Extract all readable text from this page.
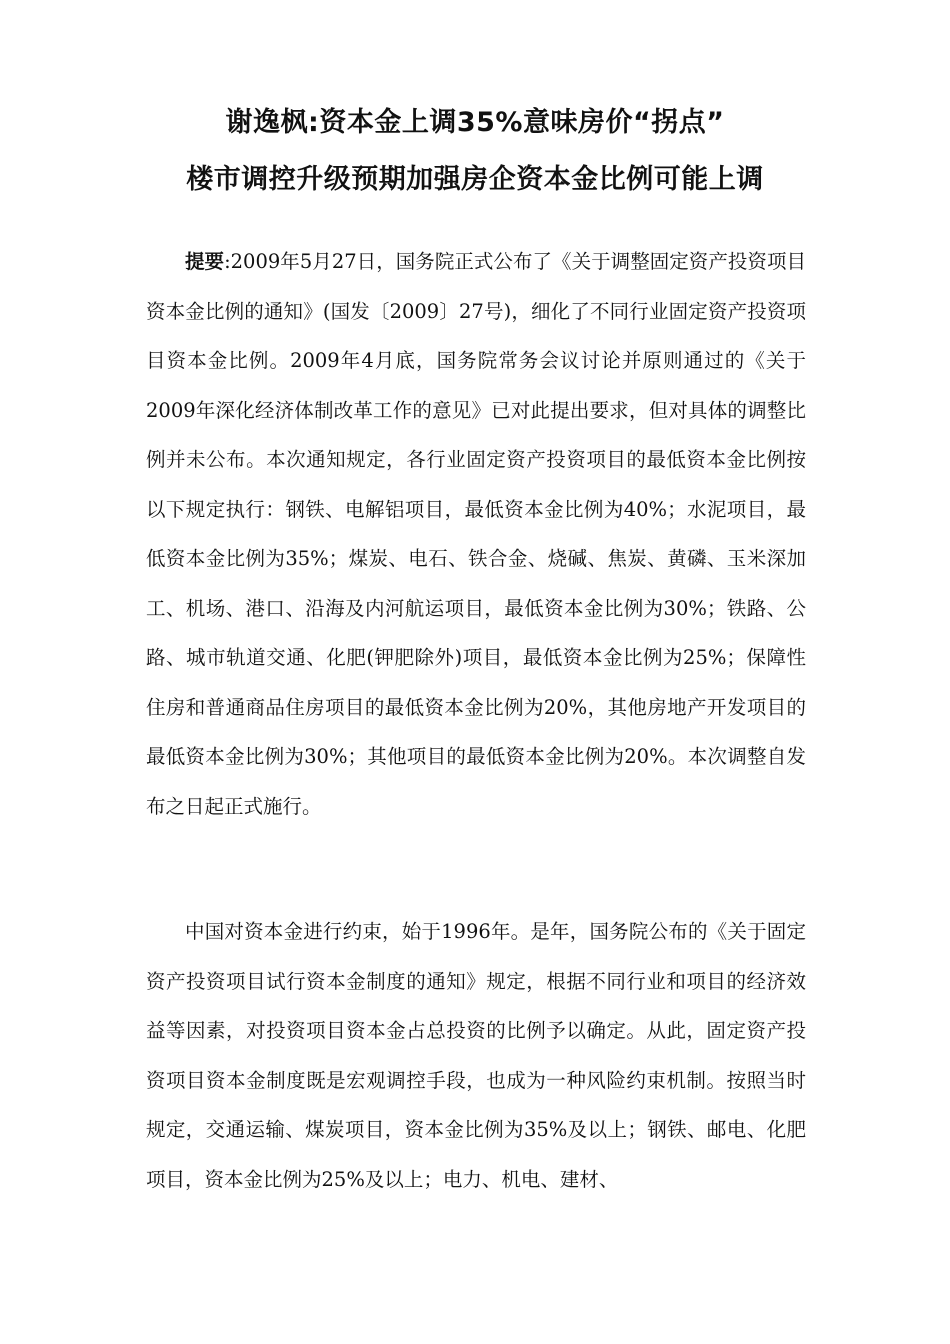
谢逸枫:资本金上调35%意味房价“拐点”
楼市调控升级预期加强房企资本金比例可能上调

提要:2009年5月27日，国务院正式公布了《关于调整固定资产投资项目资本金比例的通知》(国发〔2009〕27号)，细化了不同行业固定资产投资项目资本金比例。2009年4月底，国务院常务会议讨论并原则通过的《关于2009年深化经济体制改革工作的意见》已对此提出要求，但对具体的调整比例并未公布。本次通知规定，各行业固定资产投资项目的最低资本金比例按以下规定执行：钢铁、电解铝项目，最低资本金比例为40%；水泥项目，最低资本金比例为35%；煤炭、电石、铁合金、烧碱、焦炭、黄磷、玉米深加工、机场、港口、沿海及内河航运项目，最低资本金比例为30%；铁路、公路、城市轨道交通、化肥(钾肥除外)项目，最低资本金比例为25%；保障性住房和普通商品住房项目的最低资本金比例为20%，其他房地产开发项目的最低资本金比例为30%；其他项目的最低资本金比例为20%。本次调整自发布之日起正式施行。

中国对资本金进行约束，始于1996年。是年，国务院公布的《关于固定资产投资项目试行资本金制度的通知》规定，根据不同行业和项目的经济效益等因素，对投资项目资本金占总投资的比例予以确定。从此，固定资产投资项目资本金制度既是宏观调控手段，也成为一种风险约束机制。按照当时规定，交通运输、煤炭项目，资本金比例为35%及以上；钢铁、邮电、化肥项目，资本金比例为25%及以上；电力、机电、建材、
